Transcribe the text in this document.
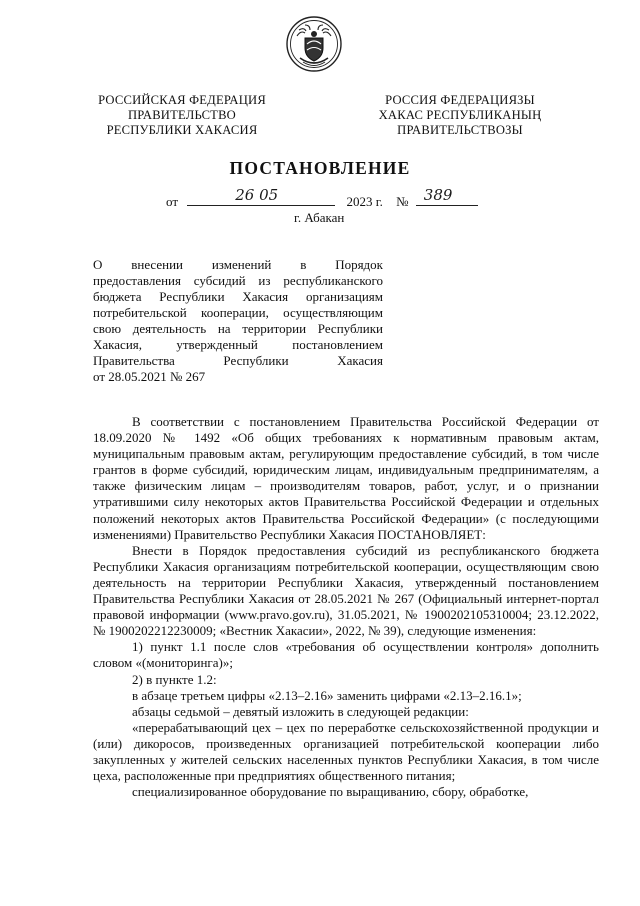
РОССИЙСКАЯ ФЕДЕРАЦИЯ
ПРАВИТЕЛЬСТВО
РЕСПУБЛИКИ ХАКАСИЯ
РОССИЯ ФЕДЕРАЦИЯЗЫ
ХАКАС РЕСПУБЛИКАНЫҢ
ПРАВИТЕЛЬСТВОЗЫ
ПОСТАНОВЛЕНИЕ
от	26 05	2023 г. № 389
г. Абакан

О внесении изменений в Порядок

предоставления субсидий из республиканского

бюджета Республики Хакасия организациям

потребительской кооперации, осуществляющим

свою деятельность на территории Республики

Хакасия, утвержденный постановлением

Правительства Республики Хакасия

от 28.05.2021 № 267

В соответствии с постановлением Правительства Российской Федерации от 18.09.2020 № 1492 «Об общих требованиях к нормативным правовым актам, муниципальным правовым актам, регулирующим предоставление субсидий, в том числе грантов в форме субсидий, юридическим лицам, индивидуальным предпринимателям, а также физическим лицам – производителям товаров, работ, услуг, и о признании утратившими силу некоторых актов Правительства Российской Федерации и отдельных положений некоторых актов Правительства Российской Федерации» (с последующими изменениями) Правительство Республики Хакасия ПОСТАНОВЛЯЕТ:

Внести в Порядок предоставления субсидий из республиканского бюджета Республики Хакасия организациям потребительской кооперации, осуществляющим свою деятельность на территории Республики Хакасия, утвержденный постановлением Правительства Республики Хакасия от 28.05.2021 № 267 (Официальный интернет-портал правовой информации (www.pravo.gov.ru), 31.05.2021, № 1900202105310004; 23.12.2022, № 1900202212230009; «Вестник Хакасии», 2022, № 39), следующие изменения:

1) пункт 1.1 после слов «требования об осуществлении контроля» дополнить словом «(мониторинга)»;

2) в пункте 1.2:

в абзаце третьем цифры «2.13–2.16» заменить цифрами «2.13–2.16.1»;

абзацы седьмой – девятый изложить в следующей редакции:

«перерабатывающий цех – цех по переработке сельскохозяйственной продукции и (или) дикоросов, произведенных организацией потребительской кооперации либо закупленных у жителей сельских населенных пунктов Республики Хакасия, в том числе цеха, расположенные при предприятиях общественного питания;

специализированное оборудование по выращиванию, сбору, обработке,
